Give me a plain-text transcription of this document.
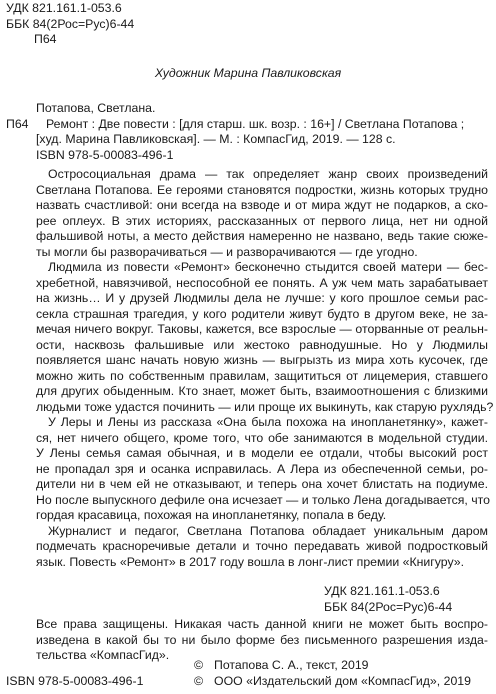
УДК 821.161.1-053.6
ББК 84(2Рос=Рус)6-44
П64
Художник Марина Павликовская
П64
Потапова, Светлана.
Ремонт : Две повести : [для старш. шк. возр. : 16+] / Светлана Потапова ;
[худ. Марина Павликовская]. — М. : КомпасГид, 2019. — 128 с.
ISBN 978-5-00083-496-1
Остросоциальная драма — так определяет жанр своих произведений
Светлана Потапова. Ее героями становятся подростки, жизнь которых трудно
назвать счастливой: они всегда на взводе и от мира ждут не подарков, а ско-
рее оплеух. В этих историях, рассказанных от первого лица, нет ни одной
фальшивой ноты, а место действия намеренно не названо, ведь такие сюже-
ты могли бы разворачиваться — и разворачиваются — где угодно.
Людмила из повести «Ремонт» бесконечно стыдится своей матери — бес-
хребетной, навязчивой, неспособной ее понять. А уж чем мать зарабатывает
на жизнь… И у друзей Людмилы дела не лучше: у кого прошлое семьи рас-
секла страшная трагедия, у кого родители живут будто в другом веке, не за-
мечая ничего вокруг. Таковы, кажется, все взрослые — оторванные от реальн-
ости, насквозь фальшивые или жестоко равнодушные. Но у Людмилы
появляется шанс начать новую жизнь — выгрызть из мира хоть кусочек, где
можно жить по собственным правилам, защититься от лицемерия, ставшего
для других обыденным. Кто знает, может быть, взаимоотношения с близкими
людьми тоже удастся починить — или проще их выкинуть, как старую рухлядь?
У Леры и Лены из рассказа «Она была похожа на инопланетянку», кажет-
ся, нет ничего общего, кроме того, что обе занимаются в модельной студии.
У Лены семья самая обычная, и в модели ее отдали, чтобы высокий рост
не пропадал зря и осанка исправилась. А Лера из обеспеченной семьи, ро-
дители ни в чем ей не отказывают, и теперь она хочет блистать на подиуме.
Но после выпускного дефиле она исчезает — и только Лена догадывается, что
гордая красавица, похожая на инопланетянку, попала в беду.
Журналист и педагог, Светлана Потапова обладает уникальным даром
подмечать красноречивые детали и точно передавать живой подростковый
язык. Повесть «Ремонт» в 2017 году вошла в лонг-лист премии «Книгуру».
УДК 821.161.1-053.6
ББК 84(2Рос=Рус)6-44
Все права защищены. Никакая часть данной книги не может быть воспро-
изведена в какой бы то ни было форме без письменного разрешения изда-
тельства «КомпасГид».
© Потапова С. А., текст, 2019
© ООО «Издательский дом «КомпасГид», 2019
ISBN 978-5-00083-496-1
